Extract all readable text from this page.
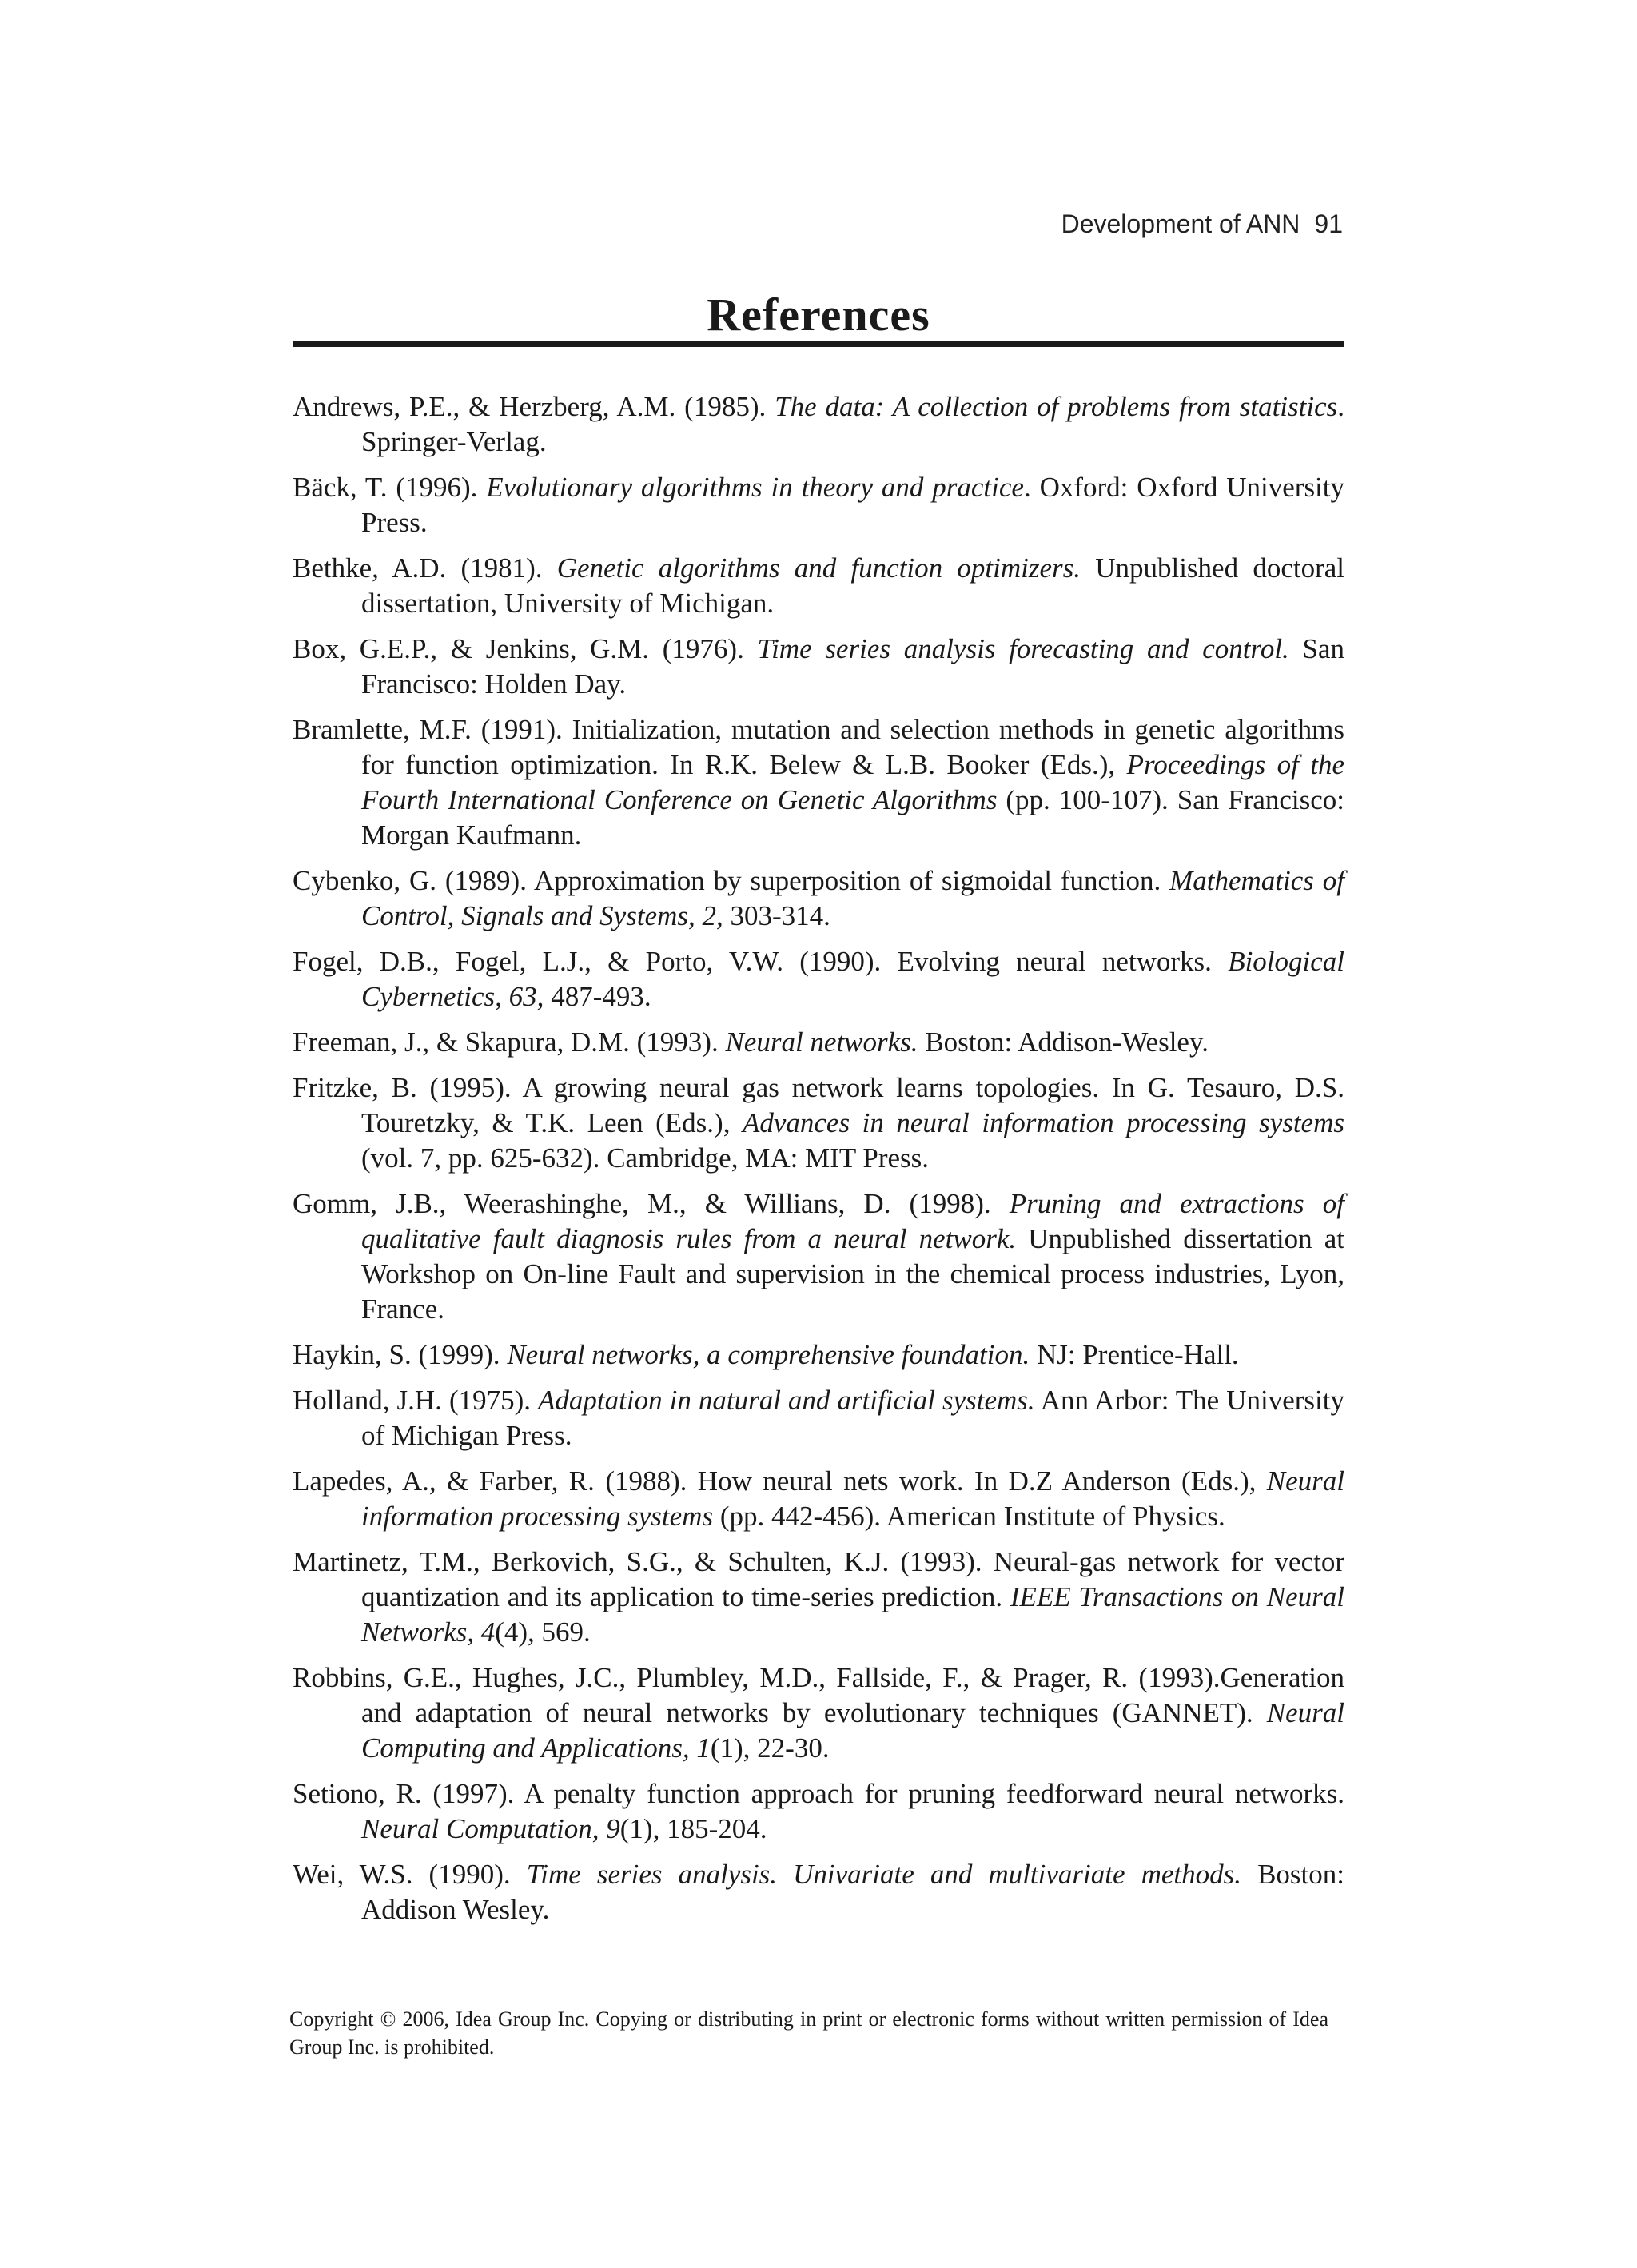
Development of ANN 91
References
Andrews, P.E., & Herzberg, A.M. (1985). The data: A collection of problems from statistics. Springer-Verlag.
Bäck, T. (1996). Evolutionary algorithms in theory and practice. Oxford: Oxford University Press.
Bethke, A.D. (1981). Genetic algorithms and function optimizers. Unpublished doctoral dissertation, University of Michigan.
Box, G.E.P., & Jenkins, G.M. (1976). Time series analysis forecasting and control. San Francisco: Holden Day.
Bramlette, M.F. (1991). Initialization, mutation and selection methods in genetic algorithms for function optimization. In R.K. Belew & L.B. Booker (Eds.), Proceedings of the Fourth International Conference on Genetic Algorithms (pp. 100-107). San Francisco: Morgan Kaufmann.
Cybenko, G. (1989). Approximation by superposition of sigmoidal function. Mathematics of Control, Signals and Systems, 2, 303-314.
Fogel, D.B., Fogel, L.J., & Porto, V.W. (1990). Evolving neural networks. Biological Cybernetics, 63, 487-493.
Freeman, J., & Skapura, D.M. (1993). Neural networks. Boston: Addison-Wesley.
Fritzke, B. (1995). A growing neural gas network learns topologies. In G. Tesauro, D.S. Touretzky, & T.K. Leen (Eds.), Advances in neural information processing systems (vol. 7, pp. 625-632). Cambridge, MA: MIT Press.
Gomm, J.B., Weerashinghe, M., & Willians, D. (1998). Pruning and extractions of qualitative fault diagnosis rules from a neural network. Unpublished dissertation at Workshop on On-line Fault and supervision in the chemical process industries, Lyon, France.
Haykin, S. (1999). Neural networks, a comprehensive foundation. NJ: Prentice-Hall.
Holland, J.H. (1975). Adaptation in natural and artificial systems. Ann Arbor: The University of Michigan Press.
Lapedes, A., & Farber, R. (1988). How neural nets work. In D.Z Anderson (Eds.), Neural information processing systems (pp. 442-456). American Institute of Physics.
Martinetz, T.M., Berkovich, S.G., & Schulten, K.J. (1993). Neural-gas network for vector quantization and its application to time-series prediction. IEEE Transactions on Neural Networks, 4(4), 569.
Robbins, G.E., Hughes, J.C., Plumbley, M.D., Fallside, F., & Prager, R. (1993).Generation and adaptation of neural networks by evolutionary techniques (GANNET). Neural Computing and Applications, 1(1), 22-30.
Setiono, R. (1997). A penalty function approach for pruning feedforward neural networks. Neural Computation, 9(1), 185-204.
Wei, W.S. (1990). Time series analysis. Univariate and multivariate methods. Boston: Addison Wesley.
Copyright © 2006, Idea Group Inc. Copying or distributing in print or electronic forms without written permission of Idea Group Inc. is prohibited.
